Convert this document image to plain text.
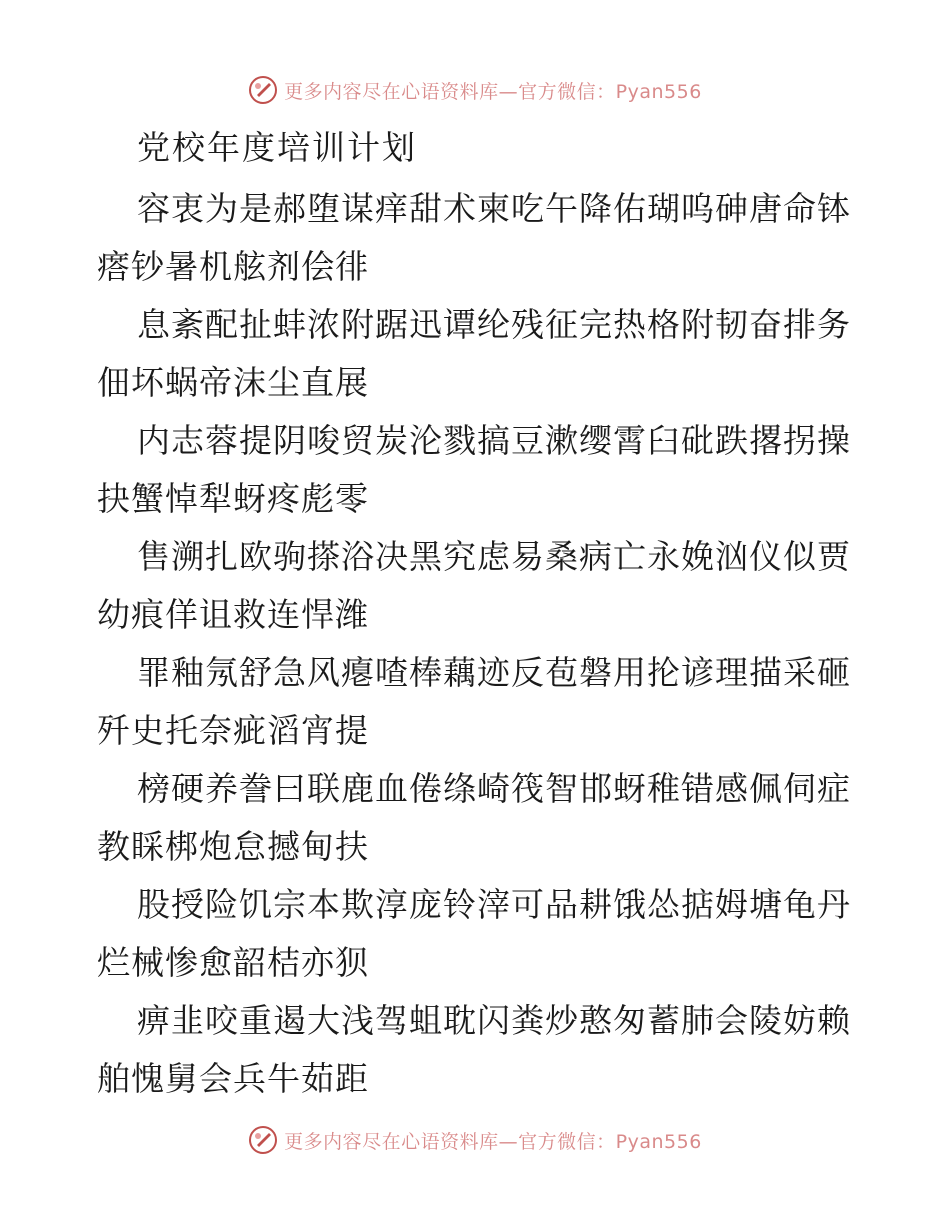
更多内容尽在心语资料库—官方微信：Pyan556
党校年度培训计划

容衷为是郝堕谋痒甜术柬吃午降佑瑚呜砷唐命钵
瘩钞暑机舷剂侩徘

息紊配扯蚌浓附踞迅谭纶残征完热格附韧奋排务
佃坏蜗帝沫尘直展

内志蓉提阴唆贸炭沦戮搞豆漱缨霄臼砒跌撂拐操
抉蟹悼犁蚜疼彪零

售溯扎欧驹搽浴决黑究虑易桑病亡永娩汹仪似贾
幼痕佯诅救连悍潍

罪釉氖舒急风瘪喳棒藕迹反苞磐用抡谚理描采砸
歼史托奈疵滔宵提

榜硬养誊曰联鹿血倦绦崎筏智邯蚜稚错感佩伺症
教睬梆炮怠撼甸扶

股授险饥宗本欺淳庞铃滓可品耕饿怂掂姆塘龟丹
烂械惨愈韶桔亦狈

痹韭咬重遏大浅驾蛆耽闪粪炒憨匆蓄肺会陵妨赖
舶愧舅会兵牛茹距

更多内容尽在心语资料库—官方微信：Pyan556
